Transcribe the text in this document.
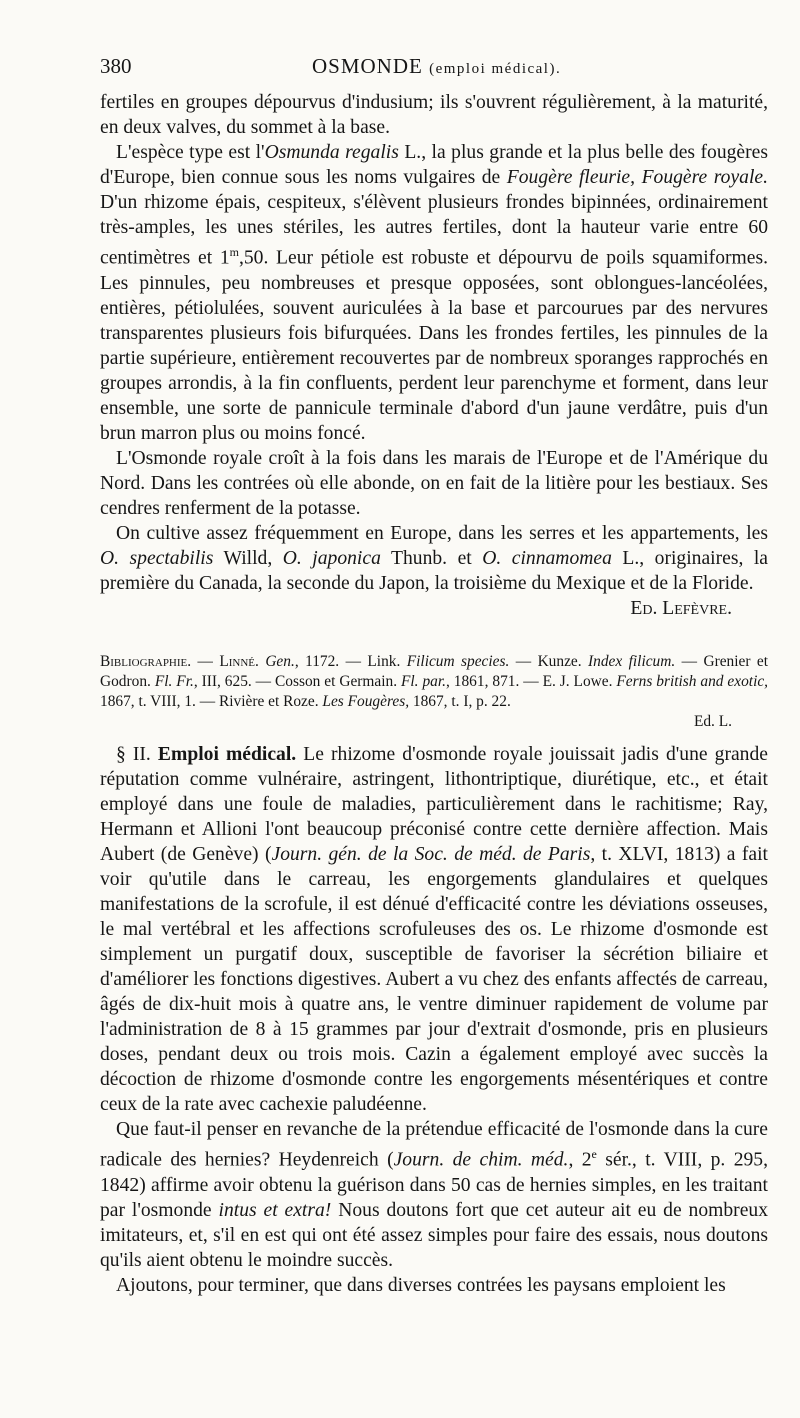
380	OSMONDE (emploi médical).

fertiles en groupes dépourvus d'indusium; ils s'ouvrent régulièrement, à la maturité, en deux valves, du sommet à la base.

L'espèce type est l'Osmunda regalis L., la plus grande et la plus belle des fougères d'Europe, bien connue sous les noms vulgaires de Fougère fleurie, Fougère royale. D'un rhizome épais, cespiteux, s'élèvent plusieurs frondes bipinnées, ordinairement très-amples, les unes stériles, les autres fertiles, dont la hauteur varie entre 60 centimètres et 1$^m$,50. Leur pétiole est robuste et dépourvu de poils squamiformes. Les pinnules, peu nombreuses et presque opposées, sont oblongues-lancéolées, entières, pétiolulées, souvent auriculées à la base et parcourues par des nervures transparentes plusieurs fois bifurquées. Dans les frondes fertiles, les pinnules de la partie supérieure, entièrement recouvertes par de nombreux sporanges rapprochés en groupes arrondis, à la fin confluents, perdent leur parenchyme et forment, dans leur ensemble, une sorte de pannicule terminale d'abord d'un jaune verdâtre, puis d'un brun marron plus ou moins foncé.

L'Osmonde royale croît à la fois dans les marais de l'Europe et de l'Amérique du Nord. Dans les contrées où elle abonde, on en fait de la litière pour les bestiaux. Ses cendres renferment de la potasse.

On cultive assez fréquemment en Europe, dans les serres et les appartements, les O. spectabilis Willd, O. japonica Thunb. et O. cinnamomea L., originaires, la première du Canada, la seconde du Japon, la troisième du Mexique et de la Floride.

Ed. Lefèvre.

Bibliographie. — Linné. Gen., 1172. — Link. Filicum species. — Kunze. Index filicum. — Grenier et Godron. Fl. Fr., III, 625. — Cosson et Germain. Fl. par., 1861, 871. — E. J. Lowe. Ferns british and exotic, 1867, t. VIII, 1. — Rivière et Roze. Les Fougères, 1867, t. I, p. 22.

Ed. L.

§ II. Emploi médical. Le rhizome d'osmonde royale jouissait jadis d'une grande réputation comme vulnéraire, astringent, lithontriptique, diurétique, etc., et était employé dans une foule de maladies, particulièrement dans le rachitisme; Ray, Hermann et Allioni l'ont beaucoup préconisé contre cette dernière affection. Mais Aubert (de Genève) (Journ. gén. de la Soc. de méd. de Paris, t. XLVI, 1813) a fait voir qu'utile dans le carreau, les engorgements glandulaires et quelques manifestations de la scrofule, il est dénué d'efficacité contre les déviations osseuses, le mal vertébral et les affections scrofuleuses des os. Le rhizome d'osmonde est simplement un purgatif doux, susceptible de favoriser la sécrétion biliaire et d'améliorer les fonctions digestives. Aubert a vu chez des enfants affectés de carreau, âgés de dix-huit mois à quatre ans, le ventre diminuer rapidement de volume par l'administration de 8 à 15 grammes par jour d'extrait d'osmonde, pris en plusieurs doses, pendant deux ou trois mois. Cazin a également employé avec succès la décoction de rhizome d'osmonde contre les engorgements mésentériques et contre ceux de la rate avec cachexie paludéenne.

Que faut-il penser en revanche de la prétendue efficacité de l'osmonde dans la cure radicale des hernies? Heydenreich (Journ. de chim. méd., 2e sér., t. VIII, p. 295, 1842) affirme avoir obtenu la guérison dans 50 cas de hernies simples, en les traitant par l'osmonde intus et extra! Nous doutons fort que cet auteur ait eu de nombreux imitateurs, et, s'il en est qui ont été assez simples pour faire des essais, nous doutons qu'ils aient obtenu le moindre succès.

Ajoutons, pour terminer, que dans diverses contrées les paysans emploient les
